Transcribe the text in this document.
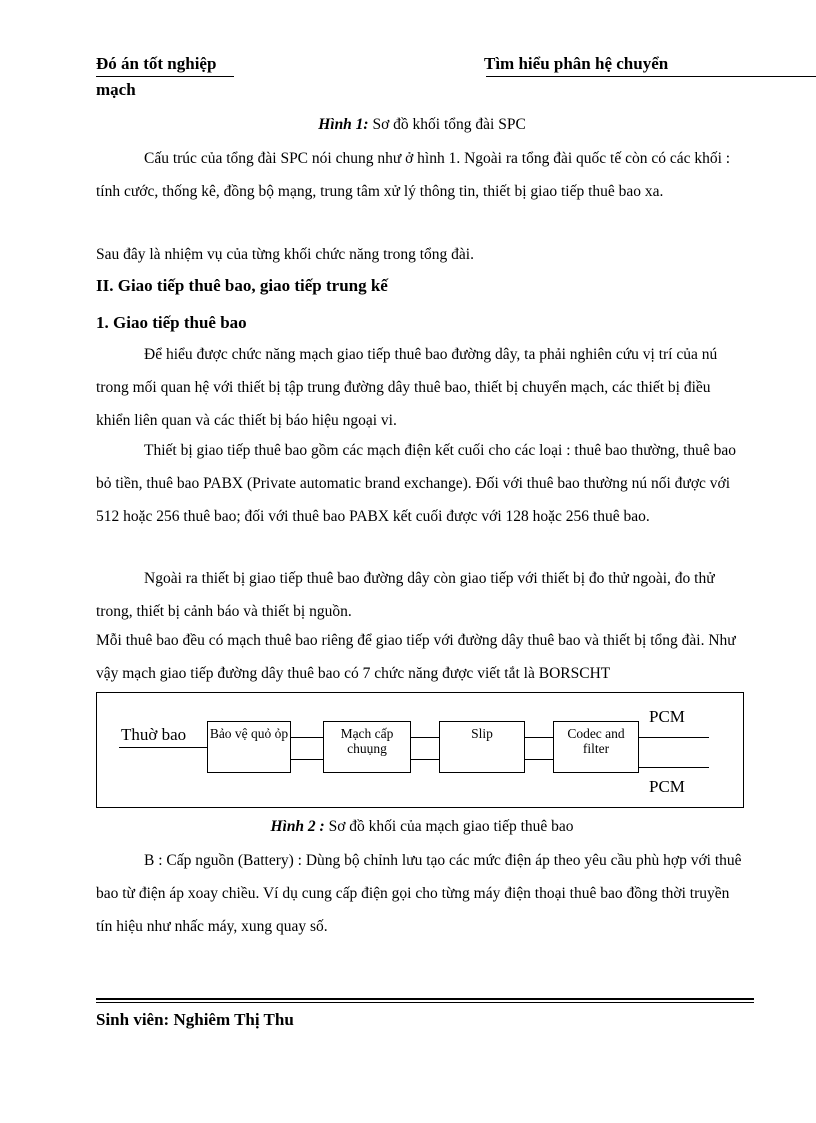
Đó án tốt nghiệp	Tìm hiểu phân hệ chuyển
mạch
Hình 1: Sơ đồ khối tổng đài SPC

Cấu trúc của tổng đài SPC nói chung như ở hình 1. Ngoài ra tổng đài quốc tế còn có các khối : tính cước, thống kê, đồng bộ mạng, trung tâm xử lý thông tin, thiết bị giao tiếp thuê bao xa.

Sau đây là nhiệm vụ của từng khối chức năng trong tổng đài.

II. Giao tiếp thuê bao, giao tiếp trung kế
1. Giao tiếp thuê bao

Để hiểu được chức năng mạch giao tiếp thuê bao đường dây, ta phải nghiên cứu vị trí của nú trong mối quan hệ với thiết bị tập trung đường dây thuê bao, thiết bị chuyển mạch, các thiết bị điều khiển liên quan và các thiết bị báo hiệu ngoại vi.

Thiết bị giao tiếp thuê bao gồm các mạch điện kết cuối cho các loại : thuê bao thường, thuê bao bỏ tiền, thuê bao PABX (Private automatic brand exchange). Đối với thuê bao thường nú nối được với 512 hoặc 256 thuê bao; đối với thuê bao PABX kết cuối được với 128 hoặc 256 thuê bao.

Ngoài ra thiết bị giao tiếp thuê bao đường dây còn giao tiếp với thiết bị đo thử ngoài, đo thử trong, thiết bị cảnh báo và thiết bị nguồn.

Mỗi thuê bao đều có mạch thuê bao riêng để giao tiếp với đường dây thuê bao và thiết bị tổng đài. Như vậy mạch giao tiếp đường dây thuê bao có 7 chức năng được viết tắt là BORSCHT

Thuờ bao Bảo vệ quỏ ỏp	Mạch cấp chuụng
Slip	Codec and filter
PCM
PCM
Hình 2 : Sơ đồ khối của mạch giao tiếp thuê bao

B : Cấp nguồn (Battery) : Dùng bộ chỉnh lưu tạo các mức điện áp theo yêu cầu phù hợp với thuê bao từ điện áp xoay chiều. Ví dụ cung cấp điện gọi cho từng máy điện thoại thuê bao đồng thời truyền tín hiệu như nhấc máy, xung quay số.

Sinh viên: Nghiêm Thị Thu
